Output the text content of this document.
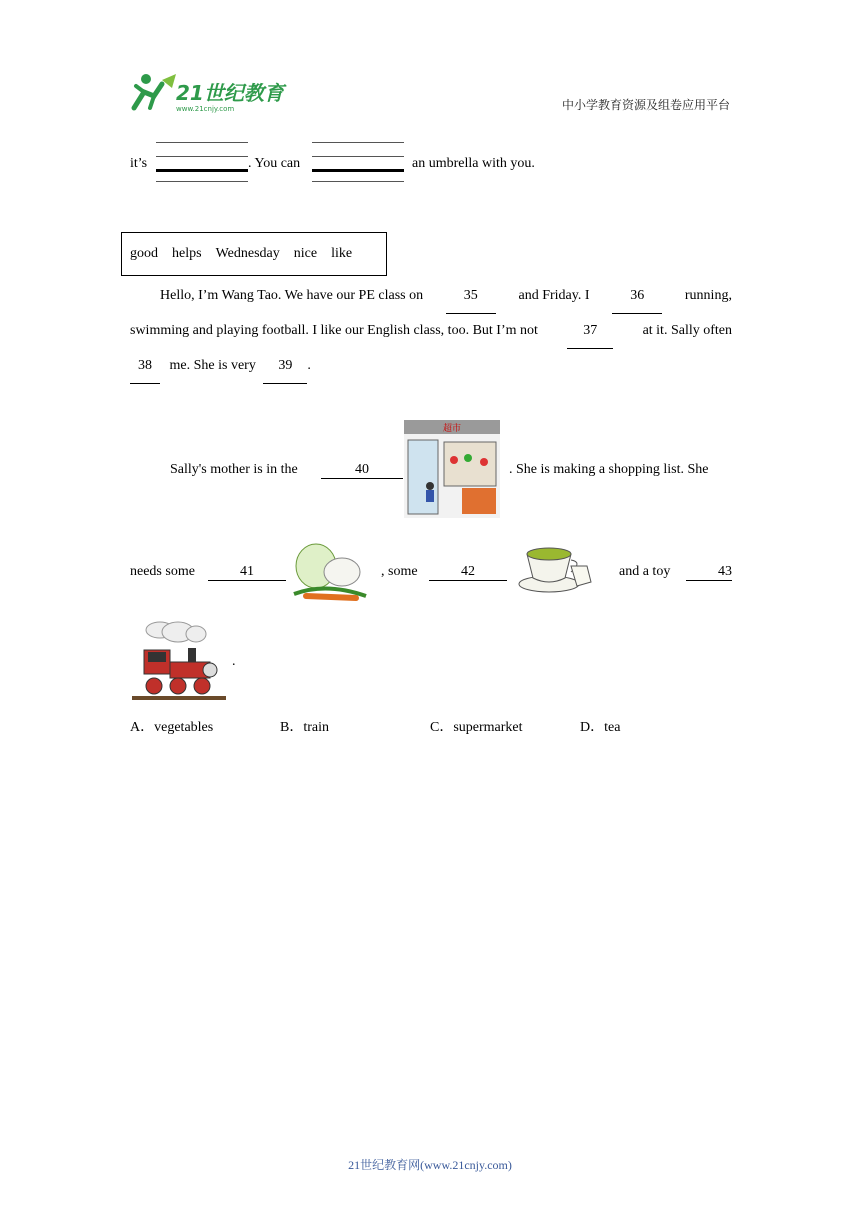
21世纪教育
www.21cnjy.com	中小学教育资源及组卷应用平台
it’s	. You can	an umbrella with you.
good helps Wednesday nice like
Hello, I’m Wang Tao. We have our PE class on	35	and Friday. I	36	running,
swimming and playing football. I like our English class, too. But I’m not	37	at it. Sally often
38 me. She is very 39 .
Sally's mother is in the	40
超市
. She is making a shopping list. She
needs some	41	, some	42	and a toy	43
.
A．vegetables	B．train	C．supermarket	D．tea
21世纪教育网(www.21cnjy.com)
